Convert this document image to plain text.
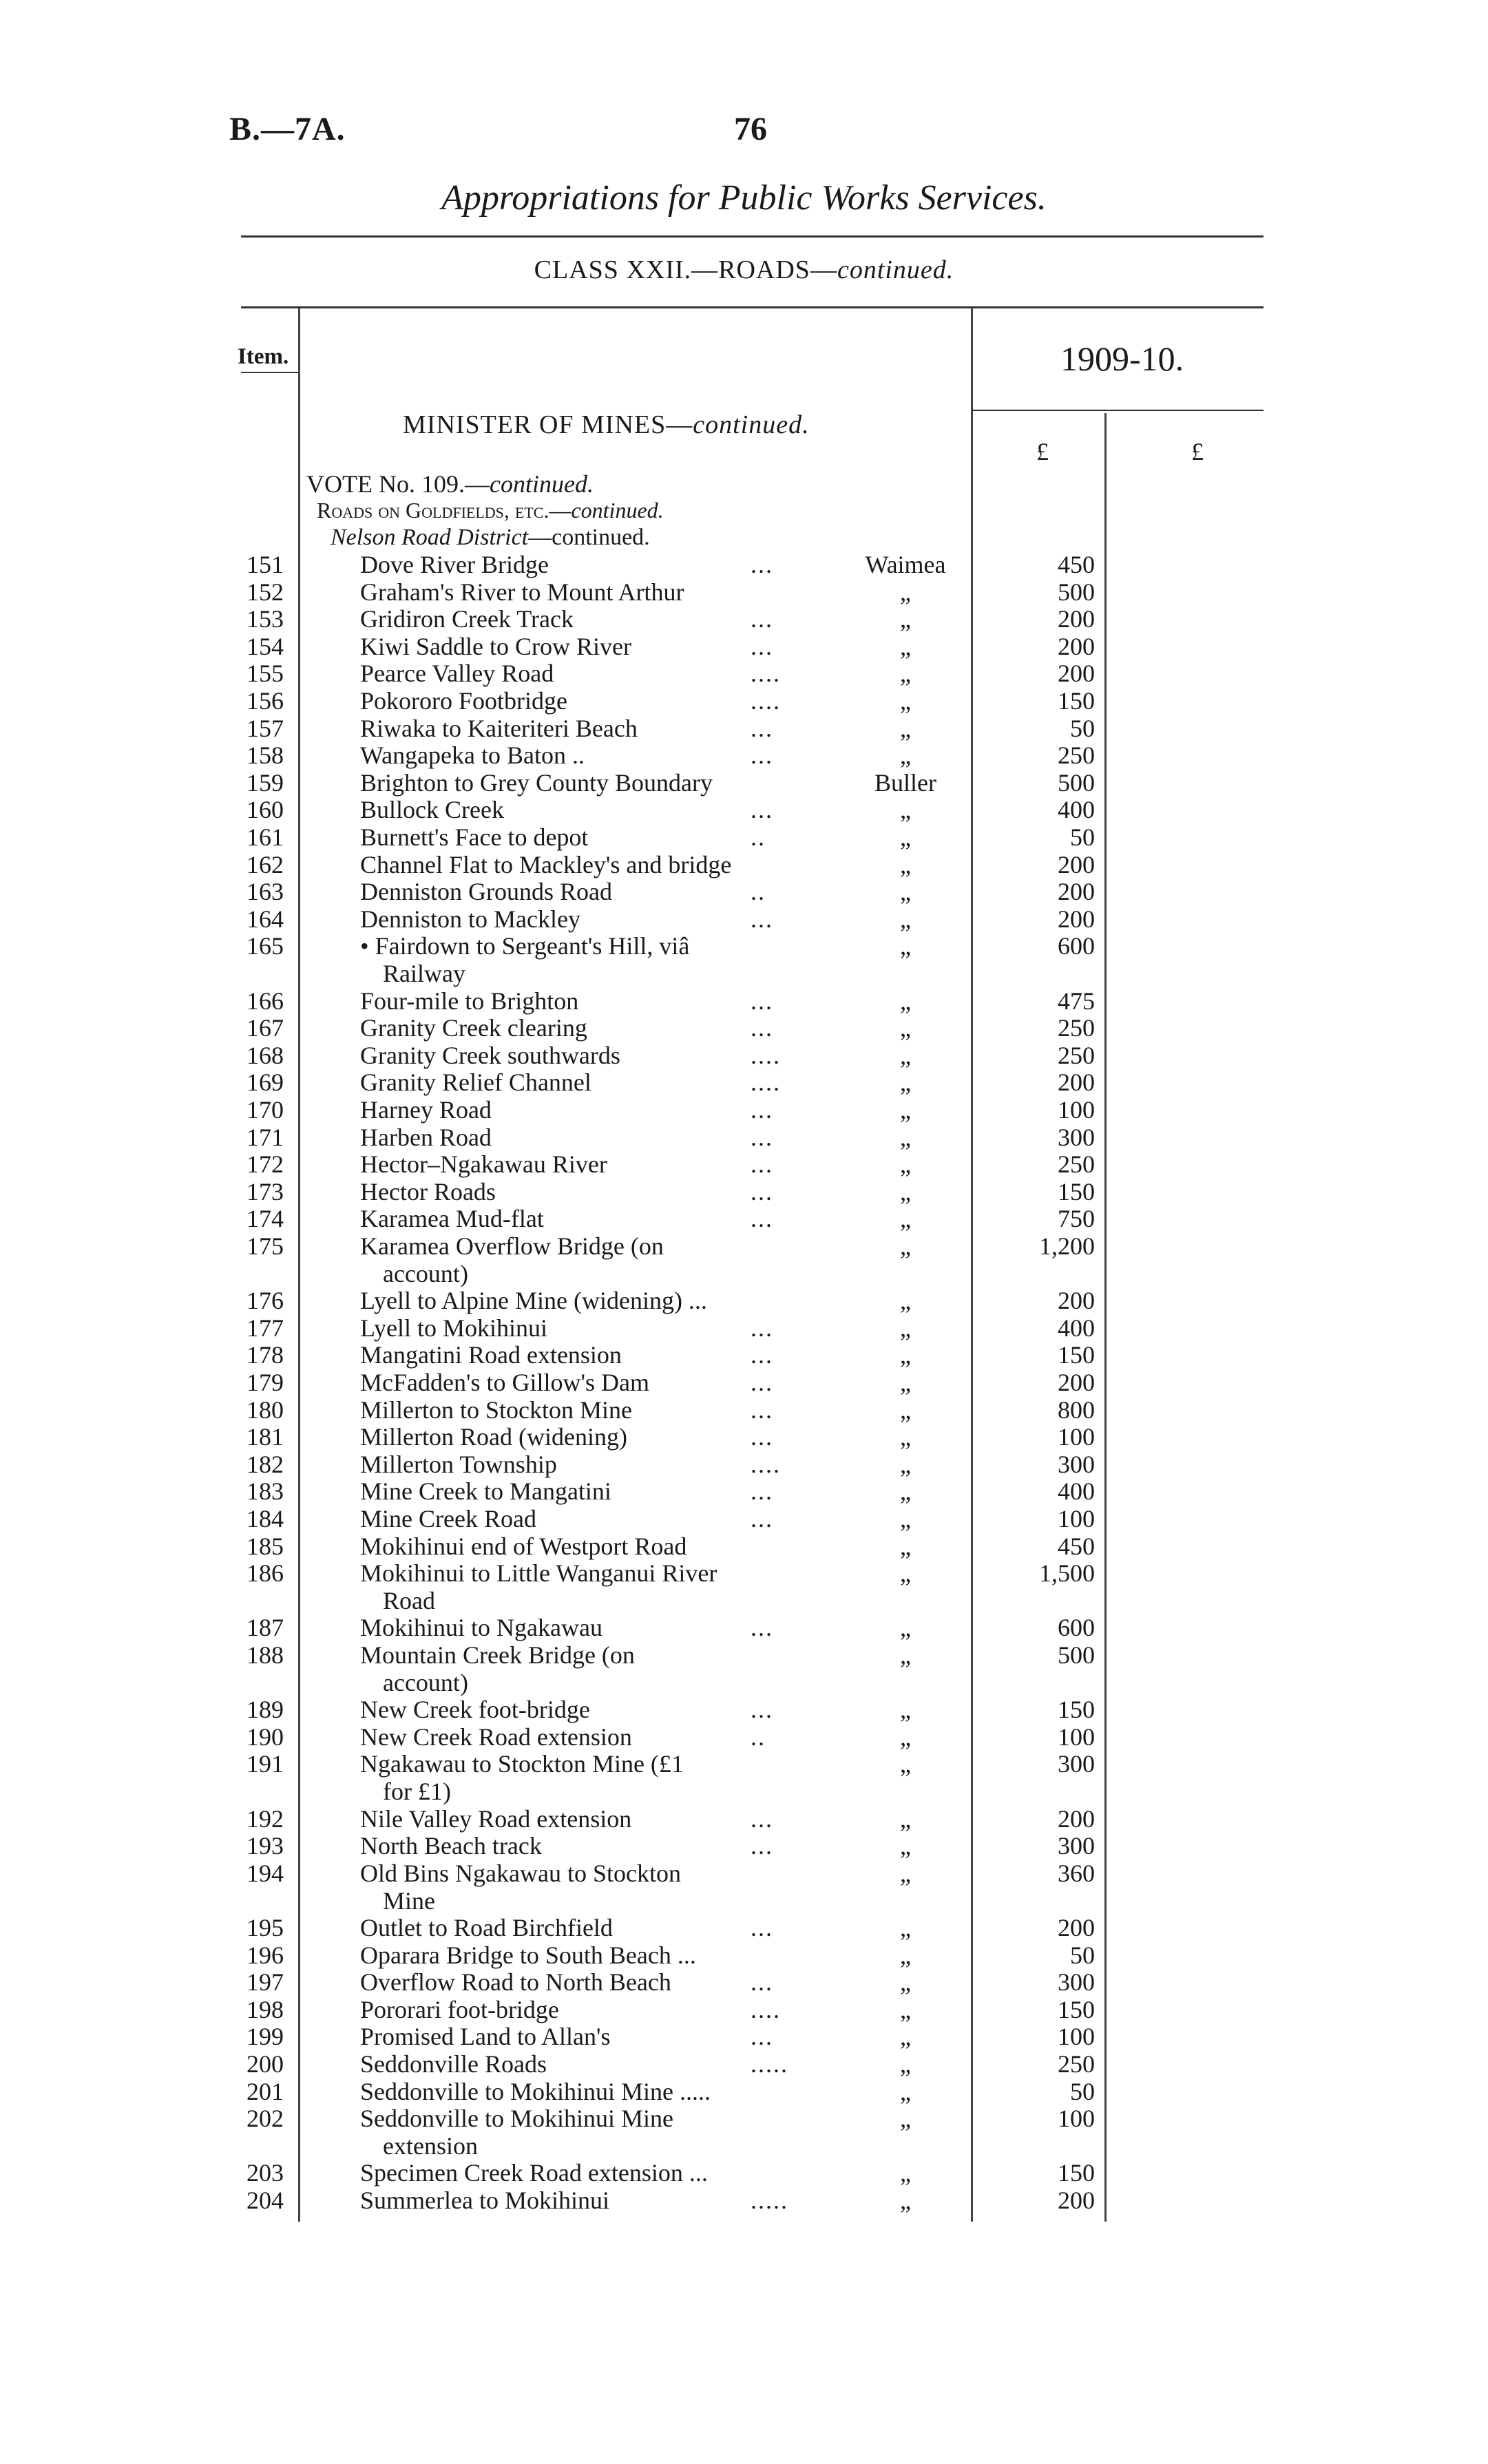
B.—7A.	76
Appropriations for Public Works Services.
CLASS XXII.—ROADS—continued.
Item.	1909-10.
£	£
MINISTER OF MINES—continued.
VOTE No. 109.—continued.
Roads on Goldfields, etc.—continued.
Nelson Road District—continued.
151	Dove River Bridge	...	Waimea	450
152	Graham's River to Mount Arthur	„	500
153	Gridiron Creek Track	...	„	200
154	Kiwi Saddle to Crow River	...	„	200
155	Pearce Valley Road	....	„	200
156	Pokororo Footbridge	....	„	150
157	Riwaka to Kaiteriteri Beach	...	„	50
158	Wangapeka to Baton ..	...	„	250
159	Brighton to Grey County Boundary	Buller	500
160	Bullock Creek	...	„	400
161	Burnett's Face to depot	..	„	50
162	Channel Flat to Mackley's and bridge	„	200
163	Denniston Grounds Road	..	„	200
164	Denniston to Mackley	...	„	200
165	• Fairdown to Sergeant's Hill, viâ	„	600
Railway
166	Four-mile to Brighton	...	„	475
167	Granity Creek clearing	...	„	250
168	Granity Creek southwards	....	„	250
169	Granity Relief Channel	....	„	200
170	Harney Road	...	„	100
171	Harben Road	...	„	300
172	Hector–Ngakawau River	...	„	250
173	Hector Roads	...	„	150
174	Karamea Mud-flat	...	„	750
175	Karamea Overflow Bridge (on	„	1,200
account)
176	Lyell to Alpine Mine (widening) ...	„	200
177	Lyell to Mokihinui	...	„	400
178	Mangatini Road extension	...	„	150
179	McFadden's to Gillow's Dam	...	„	200
180	Millerton to Stockton Mine	...	„	800
181	Millerton Road (widening)	...	„	100
182	Millerton Township	....	„	300
183	Mine Creek to Mangatini	...	„	400
184	Mine Creek Road	...	„	100
185	Mokihinui end of Westport Road	„	450
186	Mokihinui to Little Wanganui River	„	1,500
Road
187	Mokihinui to Ngakawau	...	„	600
188	Mountain Creek Bridge (on	„	500
account)
189	New Creek foot-bridge	...	„	150
190	New Creek Road extension	..	„	100
191	Ngakawau to Stockton Mine (£1	„	300
for £1)
192	Nile Valley Road extension	...	„	200
193	North Beach track	...	„	300
194	Old Bins Ngakawau to Stockton	„	360
Mine
195	Outlet to Road Birchfield	...	„	200
196	Oparara Bridge to South Beach ...	„	50
197	Overflow Road to North Beach	...	„	300
198	Pororari foot-bridge	....	„	150
199	Promised Land to Allan's	...	„	100
200	Seddonville Roads	.....	„	250
201	Seddonville to Mokihinui Mine .....	„	50
202	Seddonville to Mokihinui Mine	„	100
extension
203	Specimen Creek Road extension ...	„	150
204	Summerlea to Mokihinui	.....	„	200
